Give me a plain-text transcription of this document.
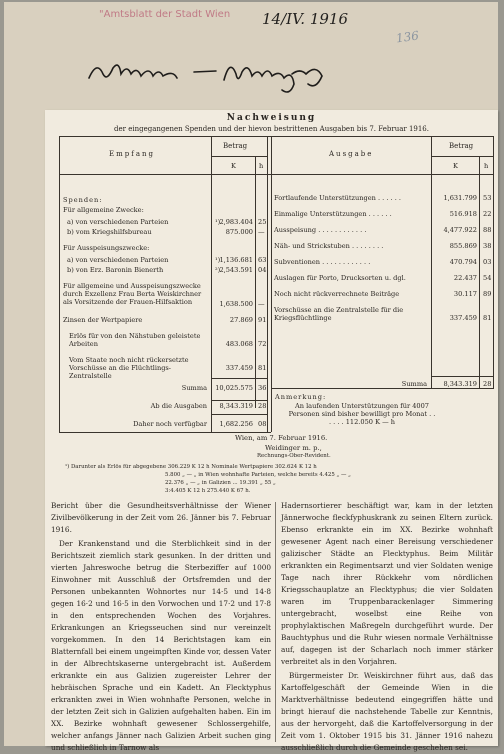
"Amtsblatt der Stadt Wien 14/IV. 1916
136
Nachweisung
der eingegangenen Spenden und der hievon bestrittenen Ausgaben bis 7. Februar 1916.
Empfang
Betrag
K	h
Spenden:
Für allgemeine Zwecke:
a) von verschiedenen Parteien	¹) 2,983.404 25
b) vom Kriegshilfsbureau	875.000 —
Für Ausspeisungszwecke:
a) von verschiedenen Parteien	¹) 1,136.681 63
b) von Erz. Baronin Bienerth	²) 2,543.591 04
Für allgemeine und Ausspeisungszwecke durch Exzellenz Frau Berta Weiskirchner als Vorsitzende der Frauen-Hilfsaktion	1,638.500 —
Zinsen der Wertpapiere	27.869 91
Erlös für von den Nähstuben geleistete Arbeiten	483.068 72
Vom Staate noch nicht rückersetzte Vorschüsse an die Flüchtlings-Zentralstelle
337.459 81
Summa	10,025.575 36
Ab die Ausgaben	8,343.319 28
Daher noch verfügbar	1,682.256 08
Ausgabe
Betrag
K	h
Fortlaufende Unterstützungen . . . . . .	1,631.799 53
Einmalige Unterstützungen . . . . . .	516.918 22
Ausspeisung . . . . . . . . . . . .	4,477.922 88
Näh- und Strickstuben . . . . . . . .	855.869 38
Subventionen . . . . . . . . . . . .	470.794 03
Auslagen für Porto, Drucksorten u. dgl.	22.437 54
Noch nicht rückverrechnete Beiträge	30.117 89
Vorschüsse an die Zentralstelle für die Kriegsflüchtlinge	337.459 81
Summa	8,343.319 28
Anmerkung:
An laufenden Unterstützungen für 4007 Personen sind bisher bewilligt pro Monat . . . . . . 112.050 K — h
Wien, am 7. Februar 1916.
Weidinger m. p.,
Rechnungs-Ober-Revident.
¹) Darunter als Erlös für abgegebene 306.229 K 12 h Nominale Wertpapiere 302.624 K 12 h
5.800 „ — „ in Wien wohnhafte Parteien, welche bereits 4.425 „ — „
22.376 „ — „ in Galizien ... 19.391 „ 55 „
3:4.405 K 12 h 275.440 K 67 h.

Bericht über die Gesundheitsverhältnisse der Wiener Zivilbevölkerung in der Zeit vom 26. Jänner bis 7. Februar 1916.

Der Krankenstand und die Sterblichkeit sind in der Berichtszeit ziemlich stark gesunken. In der dritten und vierten Jahreswoche betrug die Sterbeziffer auf 1000 Einwohner mit Ausschluß der Ortsfremden und der Personen unbekannten Wohnortes nur 14·5 und 14·8 gegen 16·2 und 16·5 in den Vorwochen und 17·2 und 17·8 in den entsprechenden Wochen des Vorjahres. Erkrankungen an Kriegsseuchen sind nur vereinzelt vorgekommen. In den 14 Berichtstagen kam ein Blatternfall bei einem ungeimpften Kinde vor, dessen Vater in der Albrechtskaserne untergebracht ist. Außerdem erkrankte ein aus Galizien zugereister Lehrer der hebräischen Sprache und ein Kadett. An Flecktyphus erkrankten zwei in Wien wohnhafte Personen, welche in der letzten Zeit sich in Galizien aufgehalten haben. Ein im XX. Bezirke wohnhaft gewesener Schlossergehilfe, welcher anfangs Jänner nach Galizien Arbeit suchen ging und schließlich in Tarnow als

Hadernsortierer beschäftigt war, kam in der letzten Jännerwoche fleckfyphuskrank zu seinen Eltern zurück. Ebenso erkrankte ein im XX. Bezirke wohnhaft gewesener Agent nach einer Bereisung verschiedener galizischer Städte an Flecktyphus. Beim Militär erkrankten ein Regimentsarzt und vier Soldaten wenige Tage nach ihrer Rückkehr vom nördlichen Kriegsschauplatze an Flecktyphus; die vier Soldaten waren im Truppenbarackenlager Simmering untergebracht, woselbst eine Reihe von prophylaktischen Maßregeln durchgeführt wurde. Der Bauchtyphus und die Ruhr wiesen normale Verhältnisse auf, dagegen ist der Scharlach noch immer stärker verbreitet als in den Vorjahren.

Bürgermeister Dr. Weiskirchner führt aus, daß das Kartoffelgeschäft der Gemeinde Wien in die Marktverhältnisse bedeutend eingegriffen hätte und bringt hierauf die nachstehende Tabelle zur Kenntnis, aus der hervorgeht, daß die Kartoffelversorgung in der Zeit vom 1. Oktober 1915 bis 31. Jänner 1916 nahezu ausschließlich durch die Gemeinde geschehen sei.
